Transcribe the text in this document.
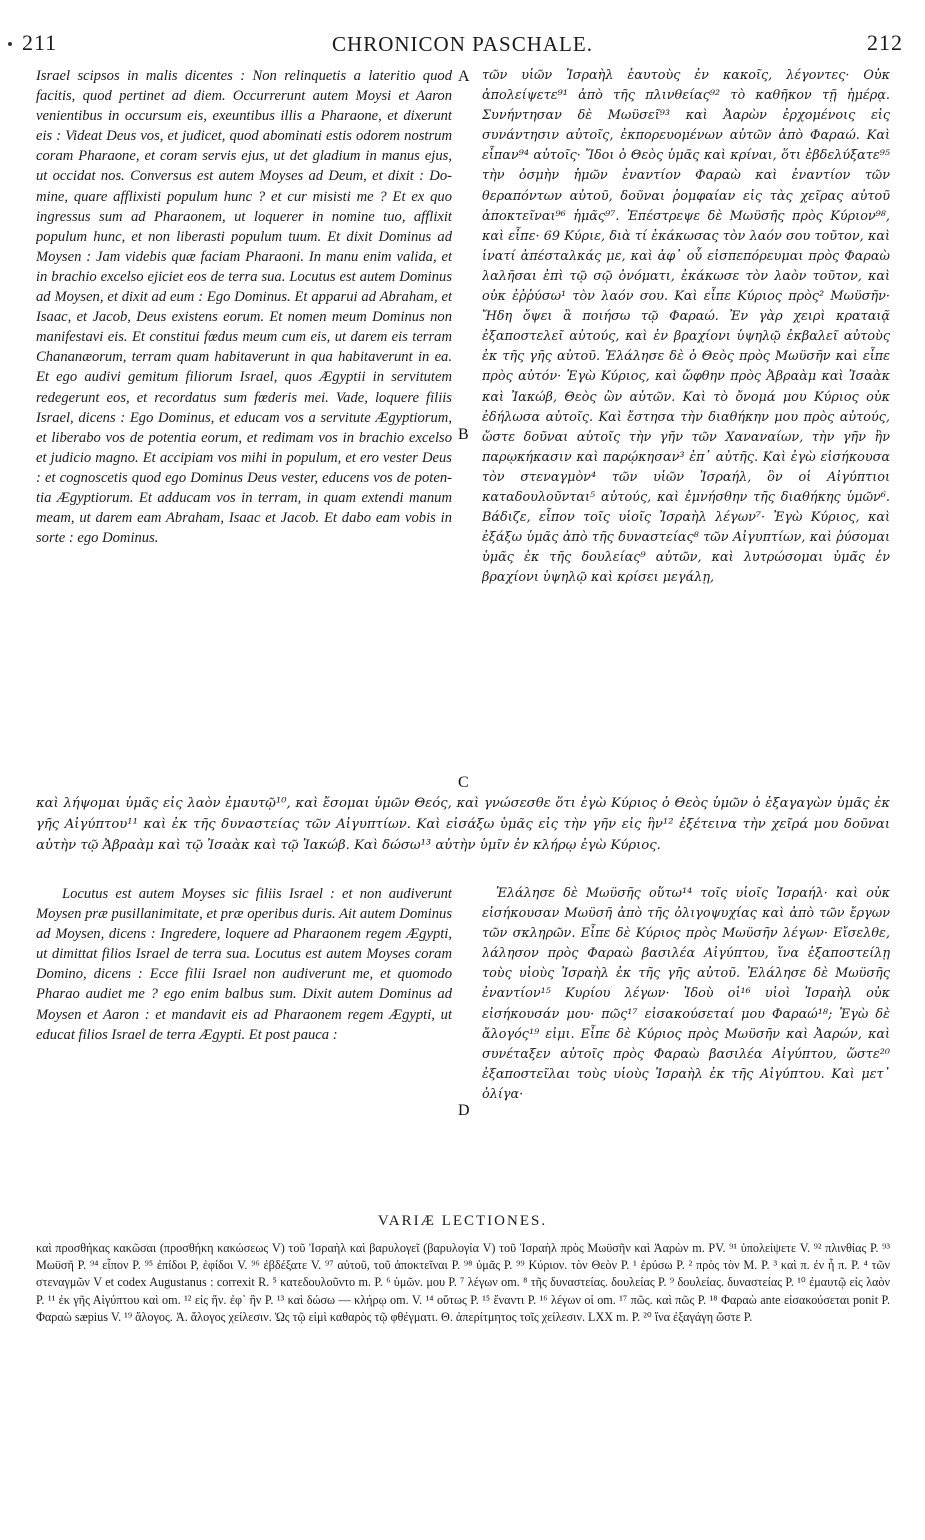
211	CHRONICON PASCHALE.	212
Israel scipsos in malis dicentes : Non relinquetis a lateritio quod facitis, quod pertinet ad diem. Occurrerunt autem Moysi et Aaron venientibus in occursum eis, exeuntibus illis a Pharaone, et dixerunt eis : Videat Deus vos, et judicet, quod abominati estis odorem nostrum coram Pharaone, et coram servis ejus, ut det gladium in manus ejus, ut occidat nos. Conversus est autem Moyses ad Deum, et dixit : Domine, quare afflixisti populum hunc ? et cur misisti me ? Et ex quo ingressus sum ad Pharaonem, ut loquerer in nomine tuo, afflixit populum hunc, et non liberasti populum tuum. Et dixit Dominus ad Moysen : Jam videbis quæ faciam Pharaoni. In manu enim valida, et in brachio excelso ejiciet eos de terra sua. Locutus est autem Dominus ad Moysen, et dixit ad eum : Ego Dominus. Et apparui ad Abraham, et Isaac, et Jacob, Deus existens eorum. Et nomen meum Dominus non manifestavi eis. Et constitui fœdus meum cum eis, ut darem eis terram Chananæorum, terram quam habitaverunt in qua habitaverunt in ea. Et ego audivi gemitum filiorum Israel, quos Ægyptii in servitutem redegerunt eos, et recordatus sum fœderis mei. Vade, loquere filiis Israel, dicens : Ego Dominus, et educam vos a servitute Ægyptiorum, et liberabo vos de potentia eorum, et redimam vos in brachio excelso et judicio magno. Et accipiam vos mihi in populum, et ero vester Deus : et cognoscetis quod ego Dominus Deus vester, educens vos de potentia Ægyptiorum. Et adducam vos in terram, in quam extendi manum meam, ut darem eam Abraham, Isaac et Jacob. Et dabo eam vobis in sorte : ego Dominus.
τῶν υἱῶν Ἰσραὴλ ἑαυτοὺς ἐν κακοῖς, λέγοντες· Οὐκ ἀπολείψετε⁹¹ ἀπὸ τῆς πλινθείας⁹² τὸ καθῆκον τῇ ἡμέρᾳ. Συνήντησαν δὲ Μωϋσεῖ⁹³ καὶ Ἀαρὼν ἐρχομένοις εἰς συνάντησιν αὐτοῖς, ἐκπορευομένων αὐτῶν ἀπὸ Φαραώ. Καὶ εἶπαν⁹⁴ αὐτοῖς· Ἴδοι ὁ Θεὸς ὑμᾶς καὶ κρίναι, ὅτι ἐβδελύξατε⁹⁵ τὴν ὀσμὴν ἡμῶν ἐναντίον Φαραὼ καὶ ἐναντίον τῶν θεραπόντων αὐτοῦ, δοῦναι ῥομφαίαν εἰς τὰς χεῖρας αὐτοῦ ἀποκτεῖναι⁹⁶ ἡμᾶς⁹⁷. Ἐπέστρεψε δὲ Μωϋσῆς πρὸς Κύριον⁹⁸, καὶ εἶπε· 69 Κύριε, διὰ τί ἐκάκωσας τὸν λαόν σου τοῦτον, καὶ ἱνατί ἀπέσταλκάς με, καὶ ἀφ᾽ οὗ εἰσπεπόρευμαι πρὸς Φαραὼ λαλῆσαι ἐπὶ τῷ σῷ ὀνόματι, ἐκάκωσε τὸν λαὸν τοῦτον, καὶ οὐκ ἐῤῥύσω¹ τὸν λαόν σου. Καὶ εἶπε Κύριος πρὸς² Μωϋσῆν· Ἤδη ὄψει ἃ ποιήσω τῷ Φαραώ. Ἐν γὰρ χειρὶ κραταιᾷ ἐξαποστελεῖ αὐτούς, καὶ ἐν βραχίονι ὑψηλῷ ἐκβαλεῖ αὐτοὺς ἐκ τῆς γῆς αὐτοῦ. Ἐλάλησε δὲ ὁ Θεὸς πρὸς Μωϋσῆν καὶ εἶπε πρὸς αὐτόν· Ἐγὼ Κύριος, καὶ ὤφθην πρὸς Ἀβραὰμ καὶ Ἰσαὰκ καὶ Ἰακώβ, Θεὸς ὢν αὐτῶν. Καὶ τὸ ὄνομά μου Κύριος οὐκ ἐδήλωσα αὐτοῖς. Καὶ ἔστησα τὴν διαθήκην μου πρὸς αὐτούς, ὥστε δοῦναι αὐτοῖς τὴν γῆν τῶν Χαναναίων, τὴν γῆν ἣν παρῳκήκασιν καὶ παρῴκησαν³ ἐπ᾽ αὐτῆς. Καὶ ἐγὼ εἰσήκουσα τὸν στεναγμὸν⁴ τῶν υἱῶν Ἰσραήλ, ὃν οἱ Αἰγύπτιοι καταδουλοῦνται⁵ αὐτούς, καὶ ἐμνήσθην τῆς διαθήκης ὑμῶν⁶. Βάδιζε, εἶπον τοῖς υἱοῖς Ἰσραὴλ λέγων⁷· Ἐγὼ Κύριος, καὶ ἐξάξω ὑμᾶς ἀπὸ τῆς δυναστείας⁸ τῶν Αἰγυπτίων, καὶ ῥύσομαι ὑμᾶς ἐκ τῆς δουλείας⁹ αὐτῶν, καὶ λυτρώσομαι ὑμᾶς ἐν βραχίονι ὑψηλῷ καὶ κρίσει μεγάλῃ,
A
B
C
D
καὶ λήψομαι ὑμᾶς εἰς λαὸν ἐμαυτῷ¹⁰, καὶ ἔσομαι ὑμῶν Θεός, καὶ γνώσεσθε ὅτι ἐγὼ Κύριος ὁ Θεὸς ὑμῶν ὁ ἐξαγαγὼν ὑμᾶς ἐκ γῆς Αἰγύπτου¹¹ καὶ ἐκ τῆς δυναστείας τῶν Αἰγυπτίων. Καὶ εἰσάξω ὑμᾶς εἰς τὴν γῆν εἰς ἣν¹² ἐξέτεινα τὴν χεῖρά μου δοῦναι αὐτὴν τῷ Ἀβραὰμ καὶ τῷ Ἰσαὰκ καὶ τῷ Ἰακώβ. Καὶ δώσω¹³ αὐτὴν ὑμῖν ἐν κλήρῳ ἐγὼ Κύριος.
Locutus est autem Moyses sic filiis Israel : et non audiverunt Moysen præ pusillanimitate, et præ operibus duris. Ait autem Dominus ad Moysen, dicens : Ingredere, loquere ad Pharaonem regem Ægypti, ut dimittat filios Israel de terra sua. Locutus est autem Moyses coram Domino, dicens : Ecce filii Israel non audiverunt me, et quomodo Pharao audiet me ? ego enim balbus sum. Dixit autem Dominus ad Moysen et Aaron : et mandavit eis ad Pharaonem regem Ægypti, ut educat filios Israel de terra Ægypti. Et post pauca :
Ἐλάλησε δὲ Μωϋσῆς οὕτω¹⁴ τοῖς υἱοῖς Ἰσραήλ· καὶ οὐκ εἰσήκουσαν Μωϋσῆ ἀπὸ τῆς ὀλιγοψυχίας καὶ ἀπὸ τῶν ἔργων τῶν σκληρῶν. Εἶπε δὲ Κύριος πρὸς Μωϋσῆν λέγων· Εἴσελθε, λάλησον πρὸς Φαραὼ βασιλέα Αἰγύπτου, ἵνα ἐξαποστείλῃ τοὺς υἱοὺς Ἰσραὴλ ἐκ τῆς γῆς αὐτοῦ. Ἐλάλησε δὲ Μωϋσῆς ἐναντίον¹⁵ Κυρίου λέγων· Ἰδοὺ οἱ¹⁶ υἱοὶ Ἰσραὴλ οὐκ εἰσήκουσάν μου· πῶς¹⁷ εἰσακούσεταί μου Φαραώ¹⁸; Ἐγὼ δὲ ἄλογός¹⁹ εἰμι. Εἶπε δὲ Κύριος πρὸς Μωϋσῆν καὶ Ἀαρών, καὶ συνέταξεν αὐτοῖς πρὸς Φαραὼ βασιλέα Αἰγύπτου, ὥστε²⁰ ἐξαποστεῖλαι τοὺς υἱοὺς Ἰσραὴλ ἐκ τῆς Αἰγύπτου. Καὶ μετ᾽ ὀλίγα·
VARIÆ LECTIONES.
καὶ προσθήκας κακῶσαι (προσθήκη κακώσεως V) τοῦ Ἰσραὴλ καὶ βαρυλογεῖ (βαρυλογία V) τοῦ Ἰσραὴλ πρὸς Μωϋσῆν καὶ Ἀαρὼν m. PV. ⁹¹ ὑπολείψετε V. ⁹² πλινθίας P. ⁹³ Μωϋσῆ P. ⁹⁴ εἶπον P. ⁹⁵ ἐπίδοι P, ἐφίδοι V. ⁹⁶ ἐβδέξατε V. ⁹⁷ αὐτοῦ, τοῦ ἀποκτεῖναι P. ⁹⁸ ὑμᾶς P. ⁹⁹ Κύριον. τὸν Θεὸν P. ¹ ἐρύσω P. ² πρὸς τὸν M. P. ³ καὶ π. ἐν ἧ π. P. ⁴ τῶν στεναγμῶν V et codex Augustanus : correxit R. ⁵ κατεδουλοῦντο m. P. ⁶ ὑμῶν. μου P. ⁷ λέγων om. ⁸ τῆς δυναστείας. δουλείας P. ⁹ δουλείας. δυναστείας P. ¹⁰ ἐμαυτῷ εἰς λαὸν P. ¹¹ ἐκ γῆς Αἰγύπτου καὶ om. ¹² εἰς ἥν. ἐφ᾽ ἣν P. ¹³ καὶ δώσω — κλήρῳ om. V. ¹⁴ οὕτως P. ¹⁵ ἔναντι P. ¹⁶ λέγων οἱ om. ¹⁷ πῶς. καὶ πῶς P. ¹⁸ Φαραὼ ante εἰσακούσεται ponit P. Φαραὼ sæpius V. ¹⁹ ἄλογος. Ἀ. ἄλογος χείλεσιν. Ὡς τῷ εἰμὶ καθαρὸς τῷ φθέγματι. Θ. ἀπερίτμητος τοῖς χείλεσιν. LXX m. P. ²⁰ ἵνα ἐξαγάγη ὥστε P.
